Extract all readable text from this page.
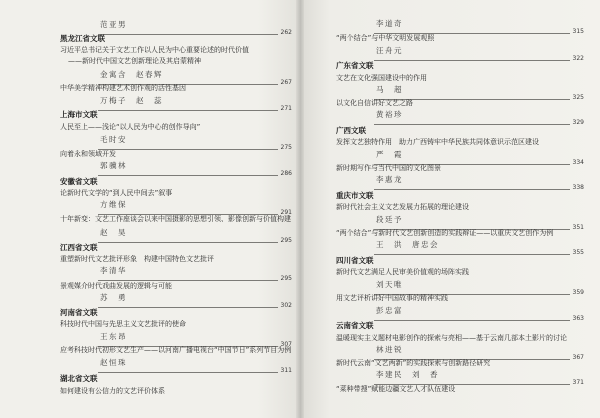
范亚男
262
黑龙江省文联
习近平总书记关于文艺工作以人民为中心重要论述的时代价值
——新时代中国文艺创新理论及其启蒙精神
金寓含　赵春辉
267
中华美学精神构建艺术创作观的活性基因
万梅子　赵　蕊
271
上海市文联
人民至上——浅论“以人民为中心的创作导向”
毛时安
275
向着永和领域开发
郭骥林
286
安徽省文联
论新时代文学的“到人民中间去”叙事
方维保
291
十年新变：文艺工作座谈会以来中国摄影的思想引领、影像创新与价值构建
赵　昊
295
江西省文联
重塑新时代文艺批评形象　构建中国特色文艺批评
李清华
295
景观媒介时代戏曲发展的逻辑与可能
苏　勇
302
河南省文联
科技时代中国与先思主义文艺批评的使命
王东昂
307
应考科技时代初形文艺生产——以河南广播电视台“中国节日”系列节目为例
赵恒珠
311
湖北省文联
如何建设有公信力的文艺评价体系
李道奇
315
“两个结合”与中华文明发展观照
汪舟元
322
广东省文联
文艺在文化强国建设中的作用
马　超
325
以文化自信讲好文艺之路
黄裕珍
329
广西文联
发挥文艺独特作用　助力广西铸牢中华民族共同体意识示范区建设
严　霞
334
新时期写作与当代中国的文化图景
李惠龙
338
重庆市文联
新时代社会主义文艺发展力拓展的理论建设
段廷予
351
“两个结合”与新时代文艺创新创造的实践辩证——以重庆文艺创作为例
王　洪　唐忠会
355
四川省文联
新时代文艺满足人民审美价值观的场阵实践
刘天唯
359
用文艺评析讲好中国故事的精神实践
彭忠富
363
云南省文联
温暖现实主义题材电影创作的探索与亮相——基于云南几部本土影片的讨论
林进锐
367
新时代云南“文艺两新”的实践探索与创新路径研究
李建民　刘　香
371
“菜种带搜”赋能边疆文艺人才队伍建设
